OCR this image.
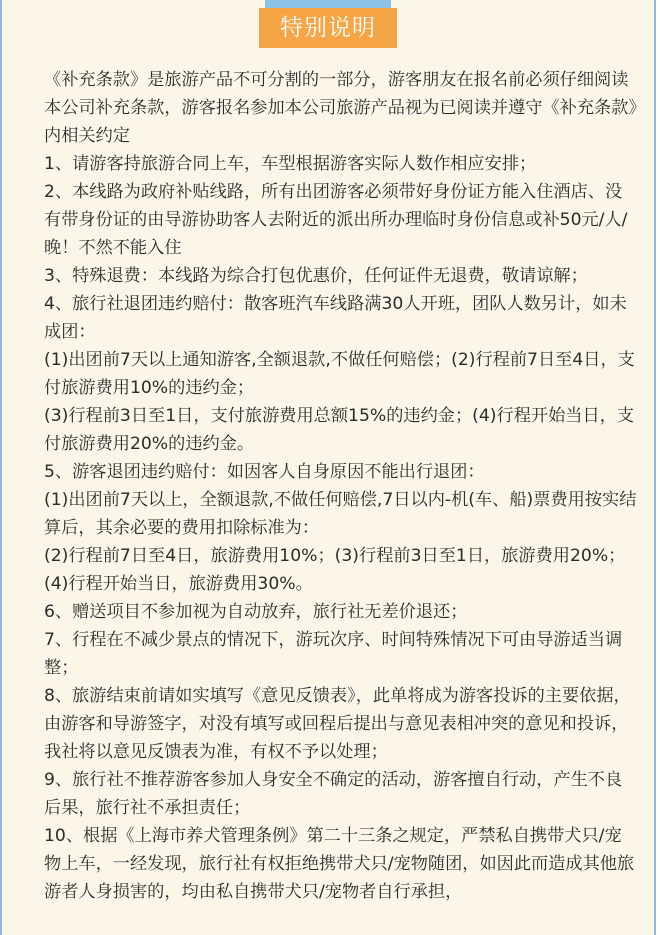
特别说明

《补充条款》是旅游产品不可分割的一部分，游客朋友在报名前必须仔细阅读本公司补充条款，游客报名参加本公司旅游产品视为已阅读并遵守《补充条款》内相关约定

1、请游客持旅游合同上车，车型根据游客实际人数作相应安排；

2、本线路为政府补贴线路，所有出团游客必须带好身份证方能入住酒店、没有带身份证的由导游协助客人去附近的派出所办理临时身份信息或补50元/人/晚！不然不能入住

3、特殊退费：本线路为综合打包优惠价，任何证件无退费，敬请谅解；

4、旅行社退团违约赔付：散客班汽车线路满30人开班，团队人数另计，如未成团：

(1)出团前7天以上通知游客,全额退款,不做任何赔偿；(2)行程前7日至4日，支付旅游费用10%的违约金；

(3)行程前3日至1日，支付旅游费用总额15%的违约金；(4)行程开始当日，支付旅游费用20%的违约金。

5、游客退团违约赔付：如因客人自身原因不能出行退团：

(1)出团前7天以上，全额退款,不做任何赔偿,7日以内-机(车、船)票费用按实结算后，其余必要的费用扣除标准为：

(2)行程前7日至4日，旅游费用10%；(3)行程前3日至1日，旅游费用20%；(4)行程开始当日，旅游费用30%。

6、赠送项目不参加视为自动放弃，旅行社无差价退还；

7、行程在不减少景点的情况下，游玩次序、时间特殊情况下可由导游适当调整；

8、旅游结束前请如实填写《意见反馈表》，此单将成为游客投诉的主要依据，由游客和导游签字，对没有填写或回程后提出与意见表相冲突的意见和投诉，我社将以意见反馈表为准，有权不予以处理；

9、旅行社不推荐游客参加人身安全不确定的活动，游客擅自行动，产生不良后果，旅行社不承担责任；

10、根据《上海市养犬管理条例》第二十三条之规定，严禁私自携带犬只/宠物上车，一经发现，旅行社有权拒绝携带犬只/宠物随团，如因此而造成其他旅游者人身损害的，均由私自携带犬只/宠物者自行承担，
